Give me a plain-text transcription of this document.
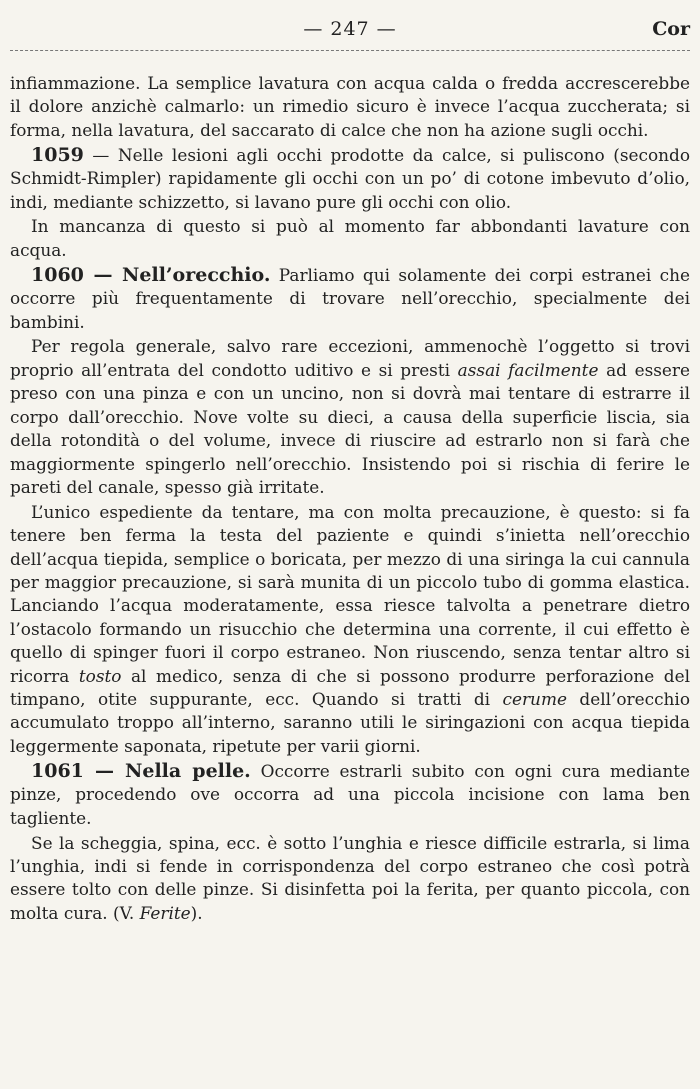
— 247 —	Cor

infiammazione. La semplice lavatura con acqua calda o fredda accrescerebbe il dolore anzichè calmarlo: un rimedio sicuro è invece l’acqua zuccherata; si forma, nella lavatura, del saccarato di calce che non ha azione sugli occhi.

1059 — Nelle lesioni agli occhi prodotte da calce, si puliscono (secondo Schmidt-Rimpler) rapidamente gli occhi con un po’ di cotone imbevuto d’olio, indi, mediante schizzetto, si lavano pure gli occhi con olio.

In mancanza di questo si può al momento far abbondanti lavature con acqua.

1060 — Nell’orecchio. Parliamo qui solamente dei corpi estranei che occorre più frequentamente di trovare nell’orecchio, specialmente dei bambini.

Per regola generale, salvo rare eccezioni, ammenochè l’oggetto si trovi proprio all’entrata del condotto uditivo e si presti assai facilmente ad essere preso con una pinza e con un uncino, non si dovrà mai tentare di estrarre il corpo dall’orecchio. Nove volte su dieci, a causa della superficie liscia, sia della rotondità o del volume, invece di riuscire ad estrarlo non si farà che maggiormente spingerlo nell’orecchio. Insistendo poi si rischia di ferire le pareti del canale, spesso già irritate.

L’unico espediente da tentare, ma con molta precauzione, è questo: si fa tenere ben ferma la testa del paziente e quindi s’inietta nell’orecchio dell’acqua tiepida, semplice o boricata, per mezzo di una siringa la cui cannula per maggior precauzione, si sarà munita di un piccolo tubo di gomma elastica. Lanciando l’acqua moderatamente, essa riesce talvolta a penetrare dietro l’ostacolo formando un risucchio che determina una corrente, il cui effetto è quello di spinger fuori il corpo estraneo. Non riuscendo, senza tentar altro si ricorra tosto al medico, senza di che si possono produrre perforazione del timpano, otite suppurante, ecc. Quando si tratti di cerume dell’orecchio accumulato troppo all’interno, saranno utili le siringazioni con acqua tiepida leggermente saponata, ripetute per varii giorni.

1061 — Nella pelle. Occorre estrarli subito con ogni cura mediante pinze, procedendo ove occorra ad una piccola incisione con lama ben tagliente.

Se la scheggia, spina, ecc. è sotto l’unghia e riesce difficile estrarla, si lima l’unghia, indi si fende in corrispondenza del corpo estraneo che così potrà essere tolto con delle pinze. Si disinfetta poi la ferita, per quanto piccola, con molta cura. (V. Ferite).
